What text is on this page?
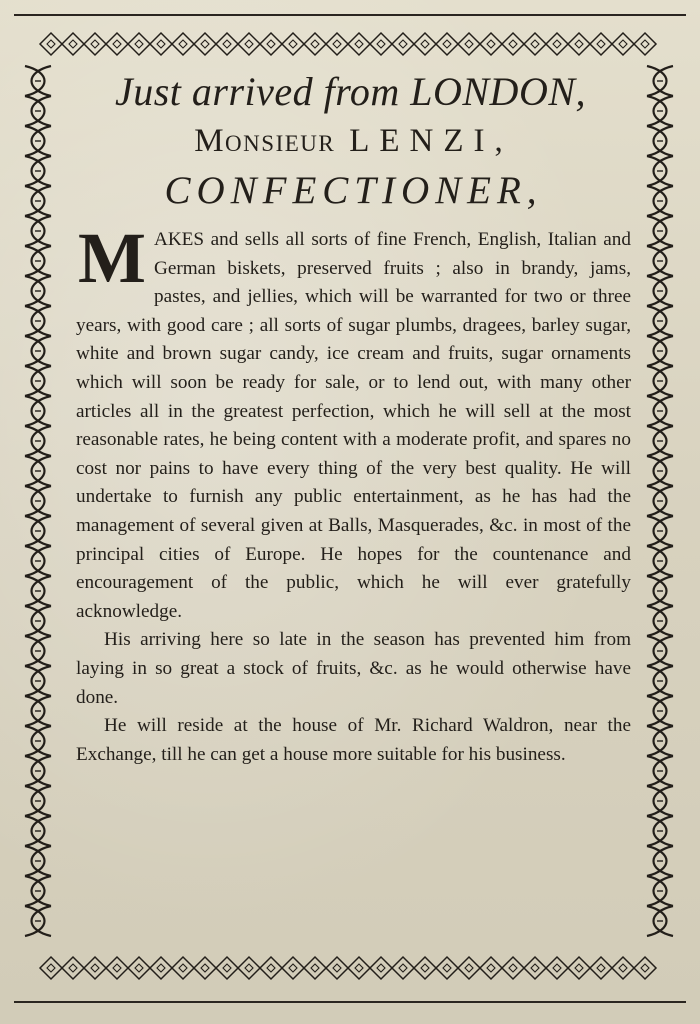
Just arrived from LONDON,
Monsieur LENZI,
CONFECTIONER,

MAKES and sells all sorts of fine French, English, Italian and German biskets, preserved fruits ; also in brandy, jams, pastes, and jellies, which will be warranted for two or three years, with good care ; all sorts of sugar plumbs, dragees, barley sugar, white and brown sugar candy, ice cream and fruits, sugar ornaments which will soon be ready for sale, or to lend out, with many other articles all in the greatest perfection, which he will sell at the most reasonable rates, he being content with a moderate profit, and spares no cost nor pains to have every thing of the very best quality. He will undertake to furnish any public entertainment, as he has had the management of several given at Balls, Masquerades, &c. in most of the principal cities of Europe. He hopes for the countenance and encouragement of the public, which he will ever gratefully acknowledge.

His arriving here so late in the season has prevented him from laying in so great a stock of fruits, &c. as he would otherwise have done.

He will reside at the house of Mr. Richard Waldron, near the Exchange, till he can get a house more suitable for his business.
